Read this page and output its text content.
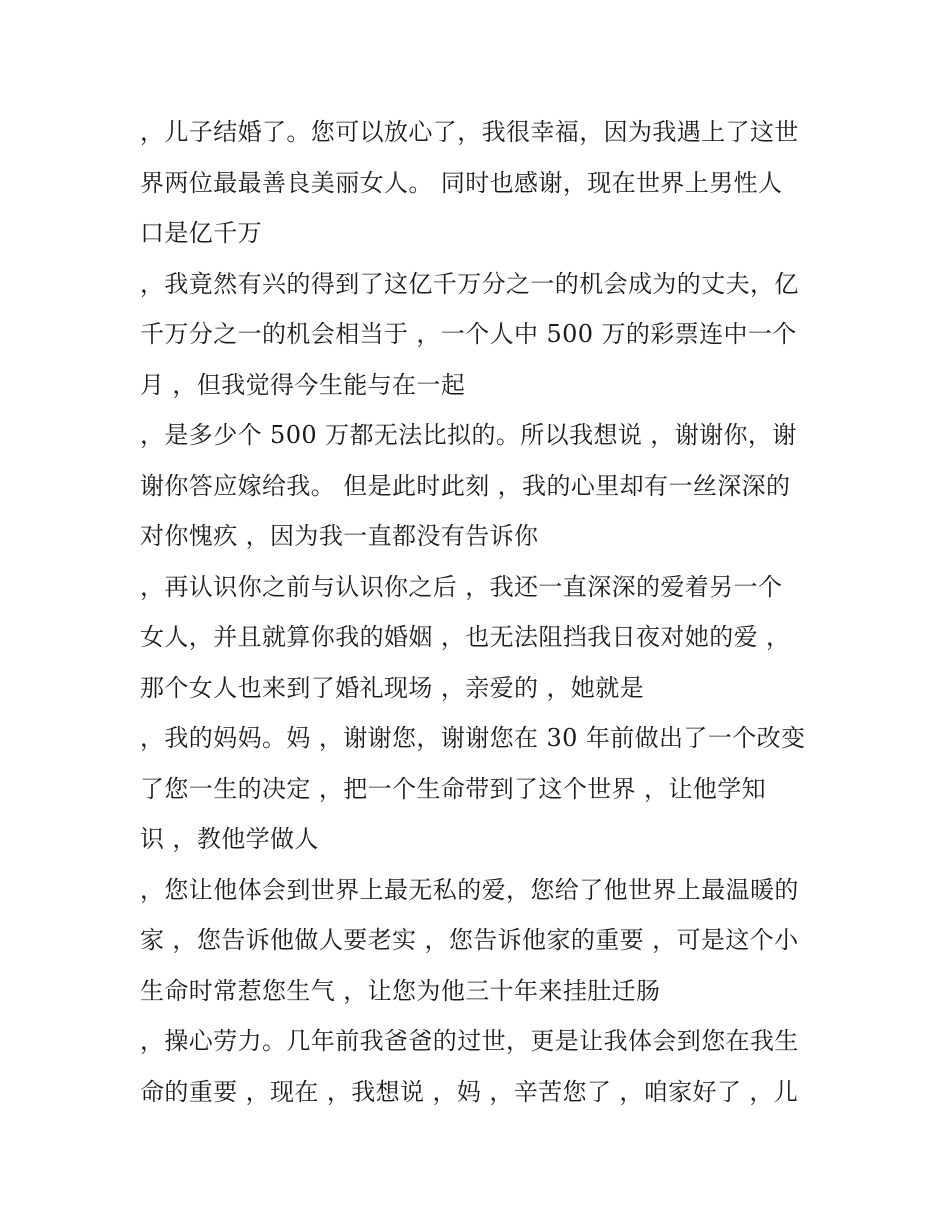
，儿子结婚了。您可以放心了，我很幸福，因为我遇上了这世
界两位最最善良美丽女人。 同时也感谢，现在世界上男性人
口是亿千万
，我竟然有兴的得到了这亿千万分之一的机会成为的丈夫，亿
千万分之一的机会相当于 ，一个人中 500 万的彩票连中一个
月 ，但我觉得今生能与在一起
，是多少个 500 万都无法比拟的。所以我想说 ，谢谢你，谢
谢你答应嫁给我。 但是此时此刻 ，我的心里却有一丝深深的
对你愧疚 ，因为我一直都没有告诉你
，再认识你之前与认识你之后 ，我还一直深深的爱着另一个
女人，并且就算你我的婚姻 ，也无法阻挡我日夜对她的爱 ，
那个女人也来到了婚礼现场 ，亲爱的 ，她就是
，我的妈妈。妈 ，谢谢您，谢谢您在 30 年前做出了一个改变
了您一生的决定 ，把一个生命带到了这个世界 ，让他学知
识 ，教他学做人
，您让他体会到世界上最无私的爱，您给了他世界上最温暖的
家 ，您告诉他做人要老实 ，您告诉他家的重要 ，可是这个小
生命时常惹您生气 ，让您为他三十年来挂肚迁肠
，操心劳力。几年前我爸爸的过世，更是让我体会到您在我生
命的重要 ，现在 ，我想说 ，妈 ，辛苦您了 ，咱家好了 ，儿
